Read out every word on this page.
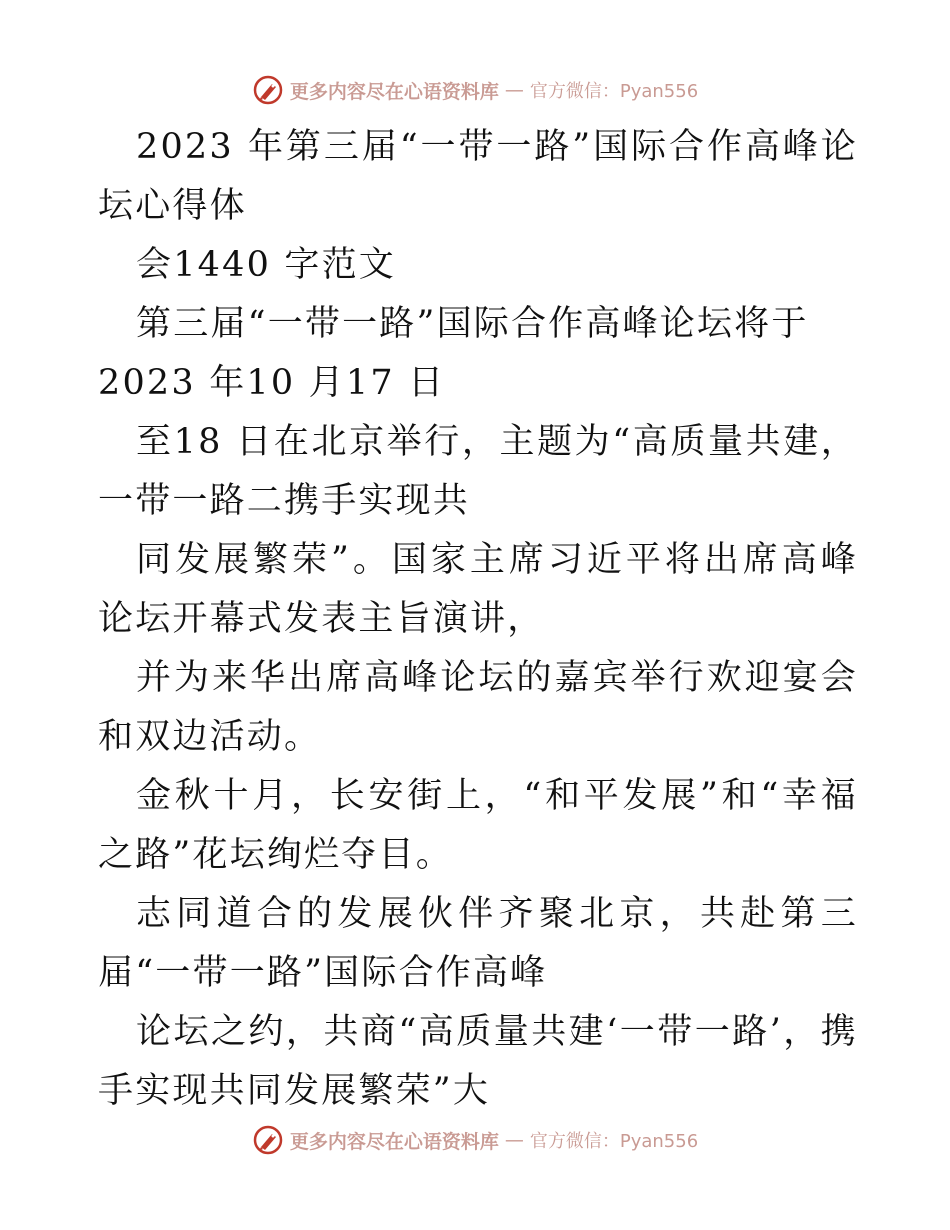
更多内容尽在心语资料库 — 官方微信：Pyan556

2023 年第三届“一带一路”国际合作高峰论坛心得体

会1440 字范文

第三届“一带一路”国际合作高峰论坛将于

2023 年10 月17 日

至18 日在北京举行，主题为“高质量共建，一带一路二携手实现共

同发展繁荣”。国家主席习近平将出席高峰论坛开幕式发表主旨演讲，

并为来华出席高峰论坛的嘉宾举行欢迎宴会和双边活动。

金秋十月，长安街上，“和平发展”和“幸福之路”花坛绚烂夺目。

志同道合的发展伙伴齐聚北京，共赴第三届“一带一路”国际合作高峰

论坛之约，共商“高质量共建‘一带一路’，携手实现共同发展繁荣”大

更多内容尽在心语资料库 — 官方微信：Pyan556
